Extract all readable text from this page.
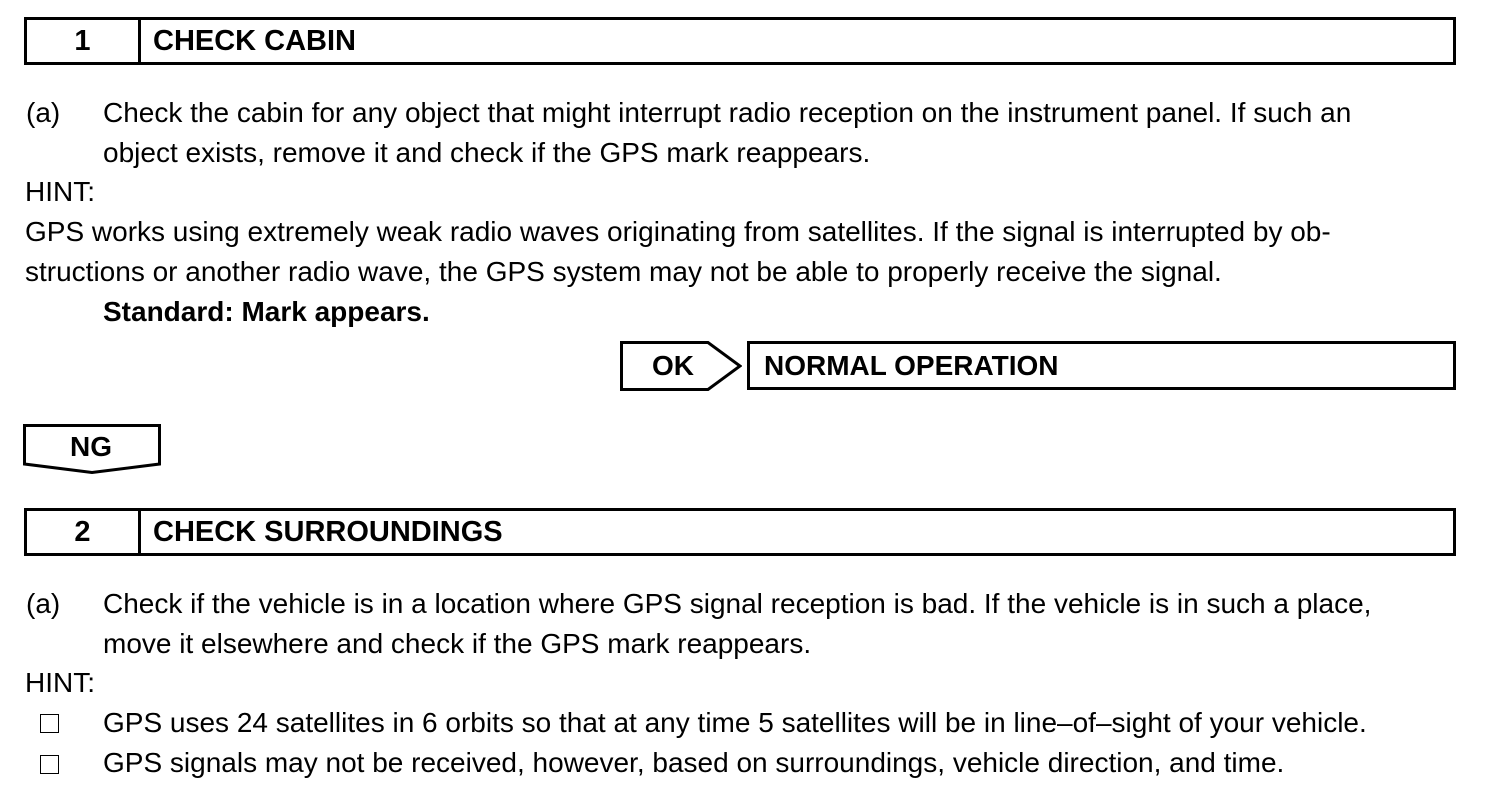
1	CHECK CABIN
(a) Check the cabin for any object that might interrupt radio reception on the instrument panel. If such an
object exists, remove it and check if the GPS mark reappears.
HINT:
GPS works using extremely weak radio waves originating from satellites. If the signal is interrupted by ob-
structions or another radio wave, the GPS system may not be able to properly receive the signal.
Standard: Mark appears.
OK	NORMAL OPERATION
NG
2	CHECK SURROUNDINGS
(a) Check if the vehicle is in a location where GPS signal reception is bad. If the vehicle is in such a place,
move it elsewhere and check if the GPS mark reappears.
HINT:
GPS uses 24 satellites in 6 orbits so that at any time 5 satellites will be in line–of–sight of your vehicle.
GPS signals may not be received, however, based on surroundings, vehicle direction, and time.
